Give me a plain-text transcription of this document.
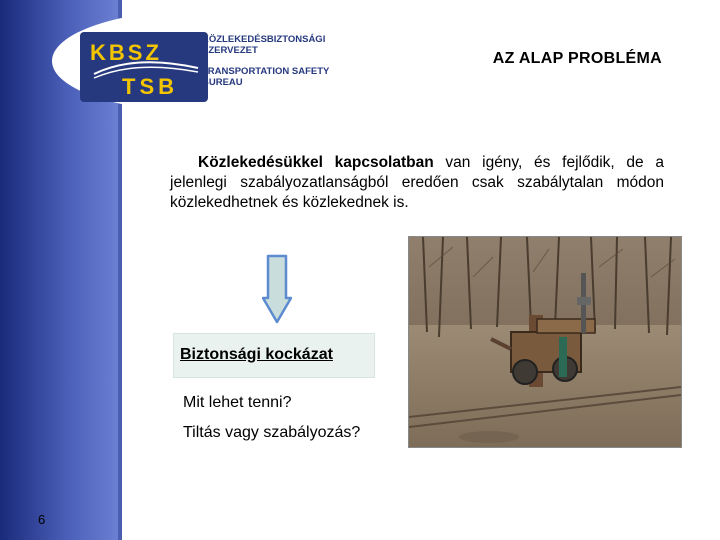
KBSZ
TSB
KÖZLEKEDÉSBIZTONSÁGI
SZERVEZET
TRANSPORTATION SAFETY
BUREAU
AZ ALAP PROBLÉMA
Közlekedésükkel kapcsolatban van igény, és fejlődik, de a jelenlegi szabályozatlanságból eredően csak szabálytalan módon közlekedhetnek és közlekednek is.
Biztonsági kockázat
Mit lehet tenni?
Tiltás vagy szabályozás?
6
